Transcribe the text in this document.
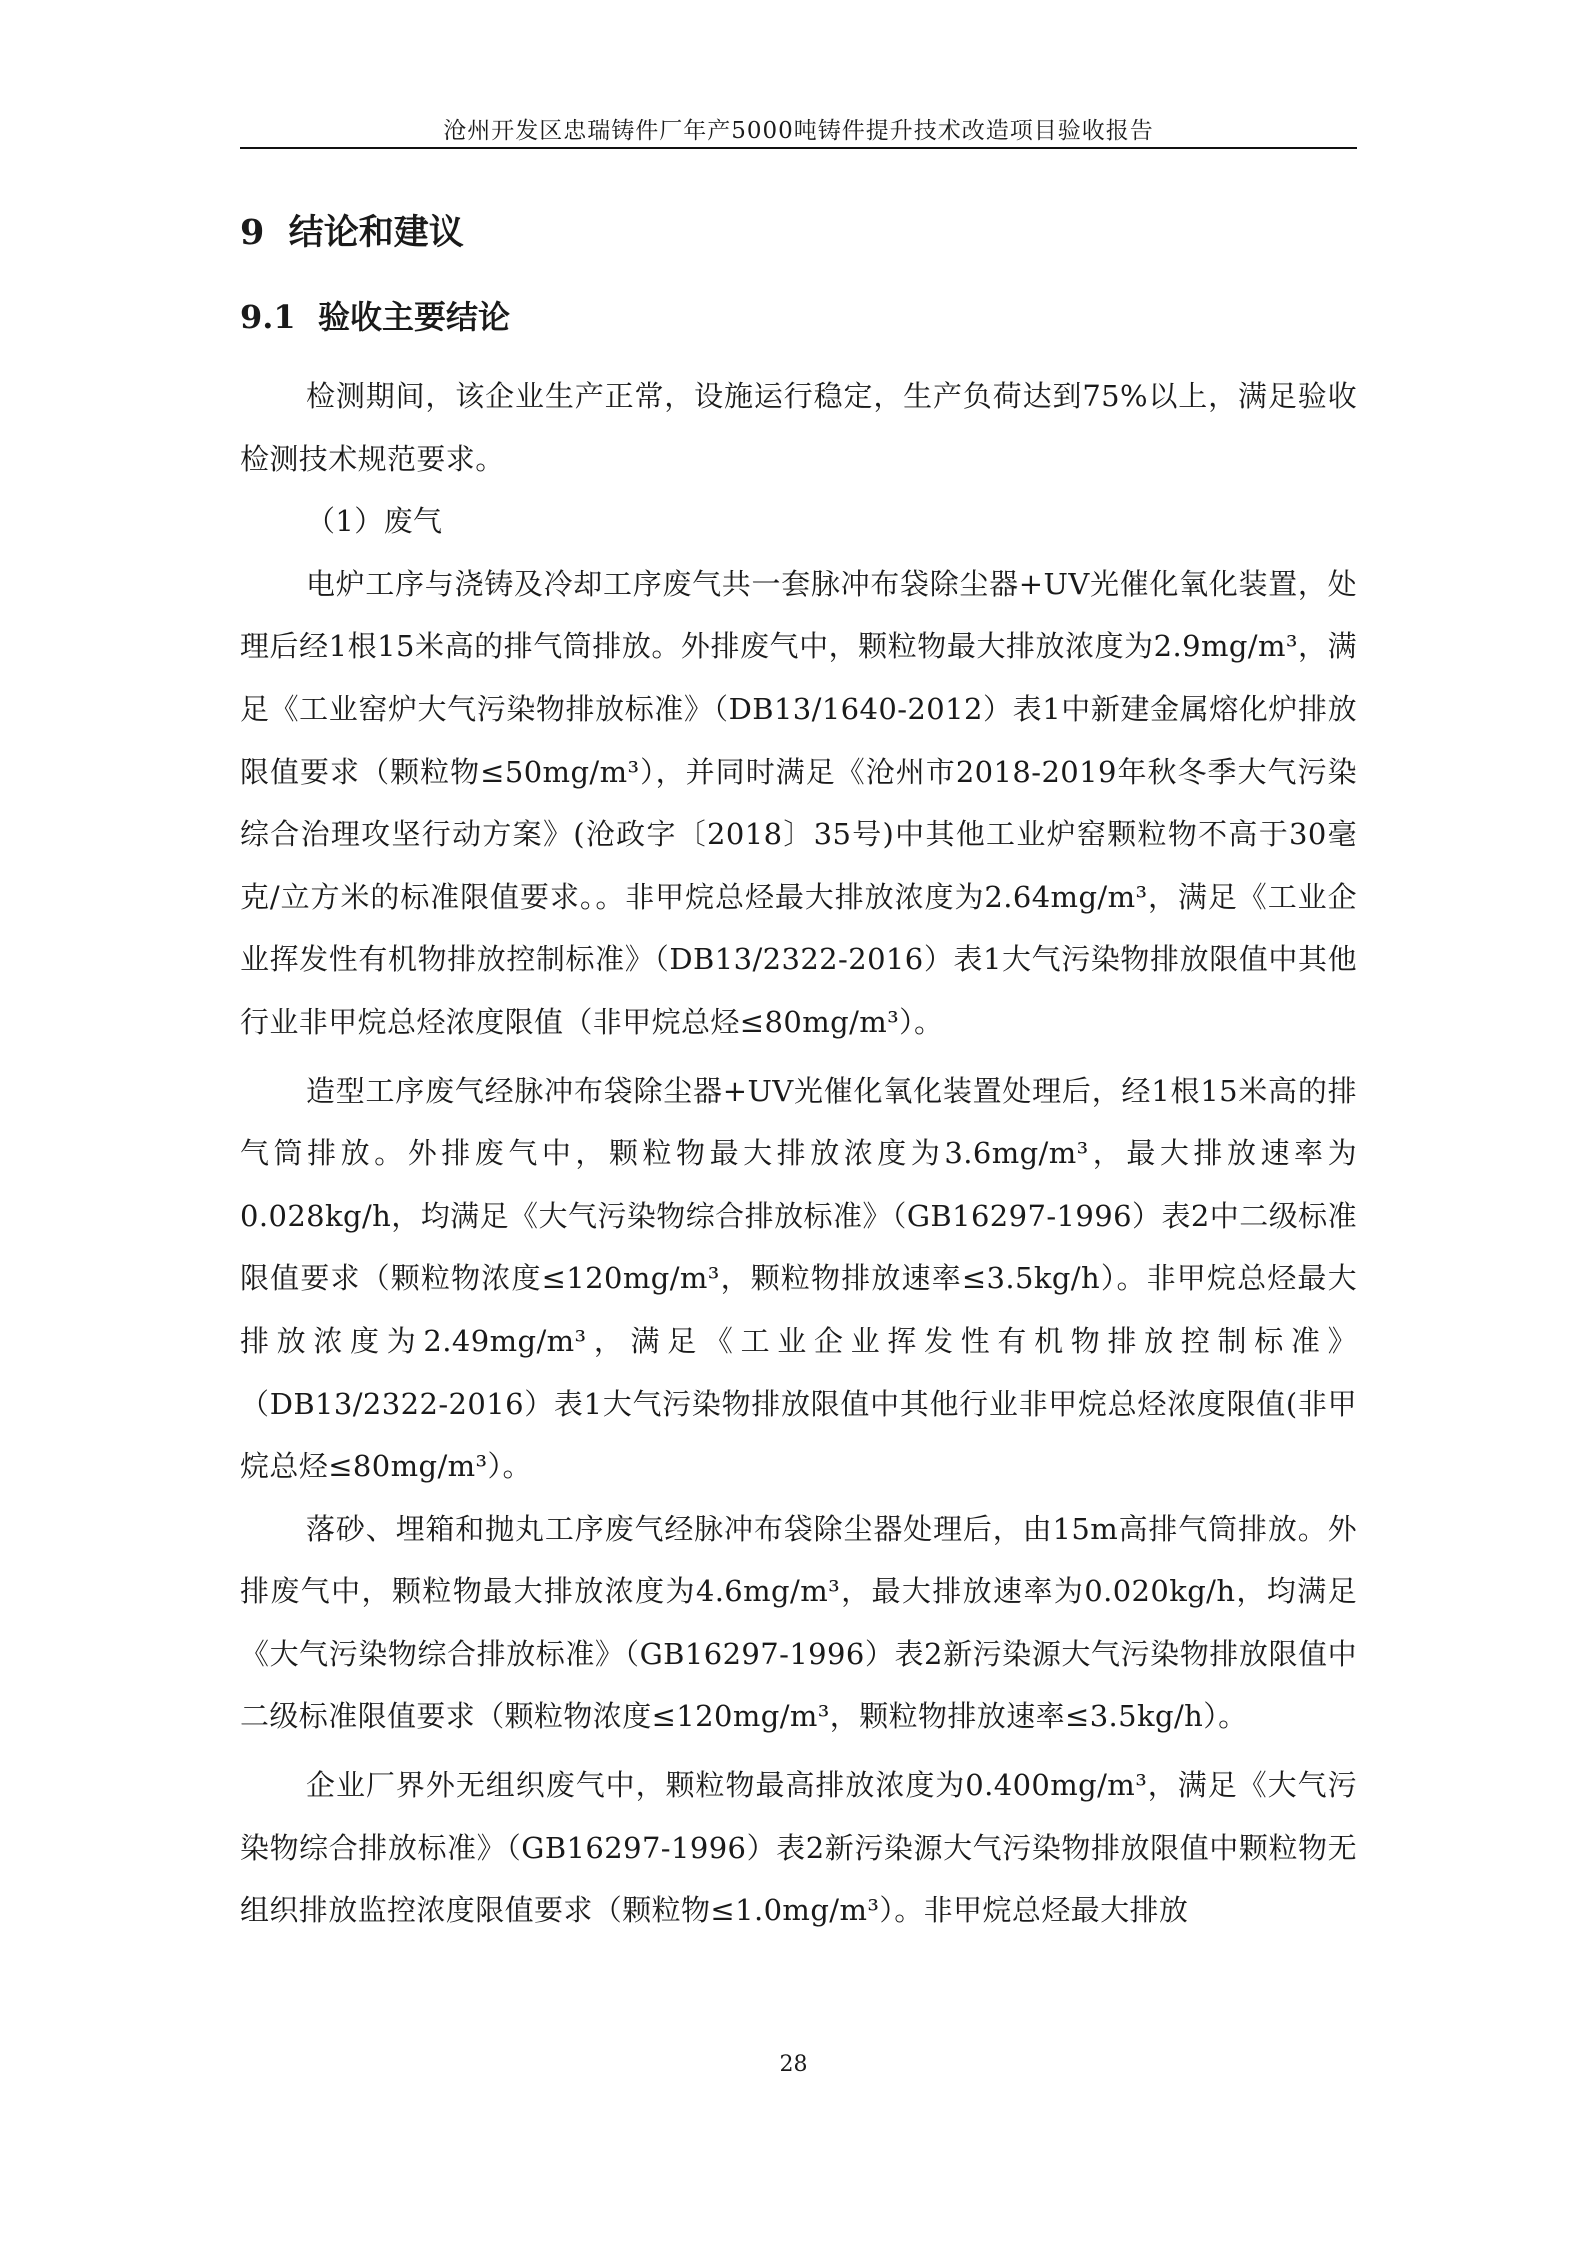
沧州开发区忠瑞铸件厂年产5000吨铸件提升技术改造项目验收报告
9 结论和建议
9.1 验收主要结论

检测期间，该企业生产正常，设施运行稳定，生产负荷达到75%以上，满足验收检测技术规范要求。

（1）废气

电炉工序与浇铸及冷却工序废气共一套脉冲布袋除尘器+UV光催化氧化装置，处理后经1根15米高的排气筒排放。外排废气中，颗粒物最大排放浓度为2.9mg/m³，满足《工业窑炉大气污染物排放标准》（DB13/1640-2012）表1中新建金属熔化炉排放限值要求（颗粒物≤50mg/m³），并同时满足《沧州市2018-2019年秋冬季大气污染综合治理攻坚行动方案》(沧政字〔2018〕35号)中其他工业炉窑颗粒物不高于30毫克/立方米的标准限值要求。。非甲烷总烃最大排放浓度为2.64mg/m³，满足《工业企业挥发性有机物排放控制标准》（DB13/2322-2016）表1大气污染物排放限值中其他行业非甲烷总烃浓度限值（非甲烷总烃≤80mg/m³）。

造型工序废气经脉冲布袋除尘器+UV光催化氧化装置处理后，经1根15米高的排气筒排放。外排废气中，颗粒物最大排放浓度为3.6mg/m³，最大排放速率为0.028kg/h，均满足《大气污染物综合排放标准》（GB16297-1996）表2中二级标准限值要求（颗粒物浓度≤120mg/m³，颗粒物排放速率≤3.5kg/h）。非甲烷总烃最大排放浓度为2.49mg/m³，满足《工业企业挥发性有机物排放控制标准》（DB13/2322-2016）表1大气污染物排放限值中其他行业非甲烷总烃浓度限值(非甲烷总烃≤80mg/m³）。

落砂、埋箱和抛丸工序废气经脉冲布袋除尘器处理后，由15m高排气筒排放。外排废气中，颗粒物最大排放浓度为4.6mg/m³，最大排放速率为0.020kg/h，均满足《大气污染物综合排放标准》（GB16297-1996）表2新污染源大气污染物排放限值中二级标准限值要求（颗粒物浓度≤120mg/m³，颗粒物排放速率≤3.5kg/h）。

企业厂界外无组织废气中，颗粒物最高排放浓度为0.400mg/m³，满足《大气污染物综合排放标准》（GB16297-1996）表2新污染源大气污染物排放限值中颗粒物无组织排放监控浓度限值要求（颗粒物≤1.0mg/m³）。非甲烷总烃最大排放

28
